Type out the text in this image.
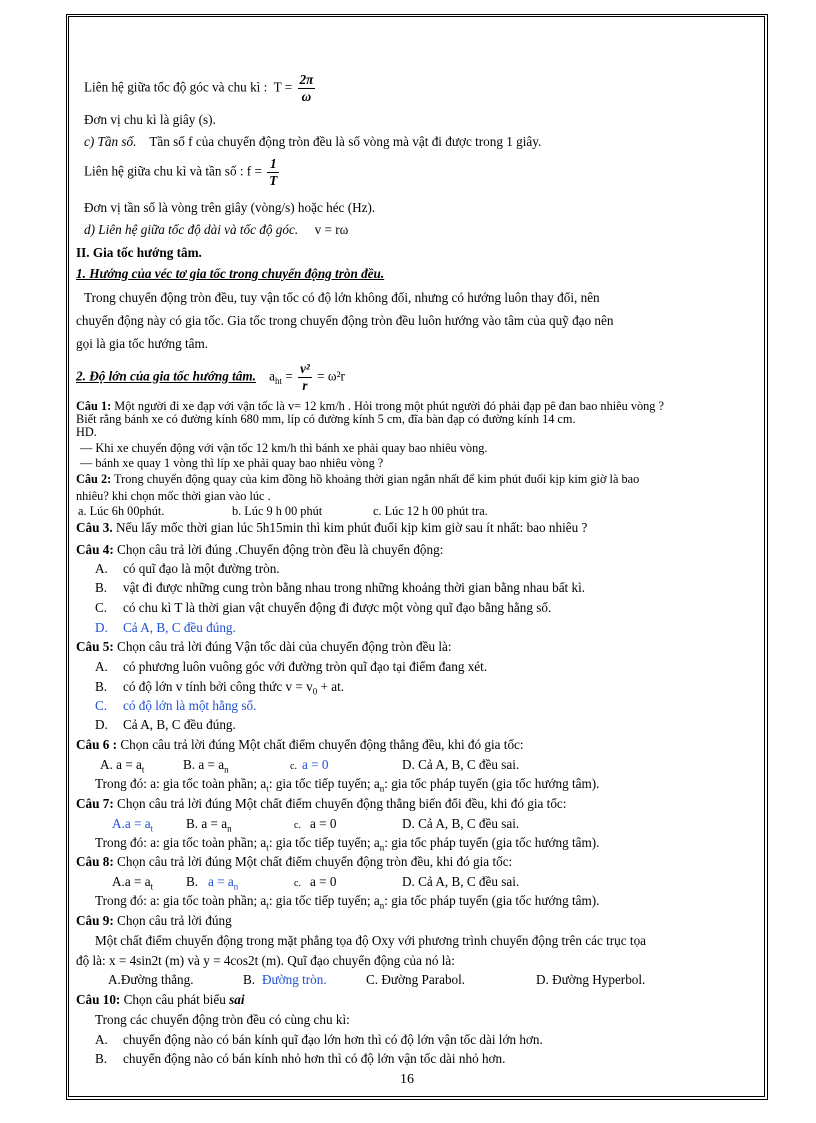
Liên hệ giữa tốc độ góc và chu kì : $T = \frac{2\pi}{\omega}$
Đơn vị chu kì là giây (s).
c) Tần số. Tần số f của chuyển động tròn đều là số vòng mà vật đi được trong 1 giây.
Liên hệ giữa chu kì và tần số : $f = \frac{1}{T}$
Đơn vị tần số là vòng trên giây (vòng/s) hoặc héc (Hz).
d) Liên hệ giữa tốc độ dài và tốc độ góc. v = rω
II. Gia tốc hướng tâm.
1. Hướng của véc tơ gia tốc trong chuyển động tròn đều.
Trong chuyển động tròn đều, tuy vận tốc có độ lớn không đổi, nhưng có hướng luôn thay đổi, nên
chuyển động này có gia tốc. Gia tốc trong chuyển động tròn đều luôn hướng vào tâm của quỹ đạo nên
gọi là gia tốc hướng tâm.
2. Độ lớn của gia tốc hướng tâm. $a_{ht} = \frac{\text{v²}}{r} = \omega^2r$
Câu 1: Một người đi xe đạp với vận tốc là v= 12 km/h . Hỏi trong một phút người đó phải đạp pê đan bao nhiêu vòng ?
Biết rằng bánh xe có đường kính 680 mm, líp có đường kính 5 cm, đĩa bàn đạp có đường kính 14 cm.
HD.
— Khi xe chuyển động với vận tốc 12 km/h thì bánh xe phải quay bao nhiêu vòng.
— bánh xe quay 1 vòng thì líp xe phải quay bao nhiêu vòng ?
Câu 2: Trong chuyển động quay của kim đồng hồ khoảng thời gian ngắn nhất để kim phút đuổi kịp kim giờ là bao
nhiêu? khi chọn mốc thời gian vào lúc .
a. Lúc 6h 00phút.	b. Lúc 9 h 00 phút	c. Lúc 12 h 00 phút tra.
Câu 3. Nếu lấy mốc thời gian lúc 5h15min thì kim phút đuổi kịp kim giờ sau ít nhất: bao nhiêu ?
Câu 4: Chọn câu trả lời đúng .Chuyển động tròn đều là chuyển động:
A. có quĩ đạo là một đường tròn.
B. vật đi được những cung tròn bằng nhau trong những khoảng thời gian bằng nhau bất kì.
C. có chu kì T là thời gian vật chuyển động đi được một vòng quĩ đạo bằng hằng số.
D. Cả A, B, C đều đúng.
Câu 5: Chọn câu trả lời đúng Vận tốc dài của chuyển động tròn đều là:
A. có phương luôn vuông góc với đường tròn quĩ đạo tại điểm đang xét.
B. có độ lớn v tính bởi công thức $v = v_0$ + at.
C. có độ lớn là một hằng số.
D. Cả A, B, C đều đúng.
Câu 6 : Chọn câu trả lời đúng Một chất điểm chuyển động thẳng đều, khi đó gia tốc:
A. $a = a_t$	B. $a = a_n$	c. a = 0	D. Cả A, B, C đều sai.
Trong đó: a: gia tốc toàn phần; $a_t$: gia tốc tiếp tuyến; $a_n$: gia tốc pháp tuyến (gia tốc hướng tâm).
Câu 7: Chọn câu trả lời đúng Một chất điểm chuyển động thẳng biến đổi đều, khi đó gia tốc:
$A.a = a_t$ B. $a = a_n$	c. a = 0	D. Cả A, B, C đều sai.
Trong đó: a: gia tốc toàn phần; $a_t$: gia tốc tiếp tuyến; $a_n$: gia tốc pháp tuyến (gia tốc hướng tâm).
Câu 8: Chọn câu trả lời đúng Một chất điểm chuyển động tròn đều, khi đó gia tốc:
$A.a = a_t$ B. $a = a_n$	c. a = 0	D. Cả A, B, C đều sai.
Trong đó: a: gia tốc toàn phần; $a_t$: gia tốc tiếp tuyến; $a_n$: gia tốc pháp tuyến (gia tốc hướng tâm).
Câu 9: Chọn câu trả lời đúng
Một chất điểm chuyển động trong mặt phẳng tọa độ Oxy với phương trình chuyển động trên các trục tọa
độ là: x = 4sin2t (m) và y = 4cos2t (m). Quĩ đạo chuyển động của nó là:
A.Đường thẳng.	B. Đường tròn.	C. Đường Parabol.	D. Đường Hyperbol.
Câu 10: Chọn câu phát biểu sai
Trong các chuyển động tròn đều có cùng chu kì:
A. chuyển động nào có bán kính quĩ đạo lớn hơn thì có độ lớn vận tốc dài lớn hơn.
B. chuyển động nào có bán kính nhỏ hơn thì có độ lớn vận tốc dài nhỏ hơn.
16
